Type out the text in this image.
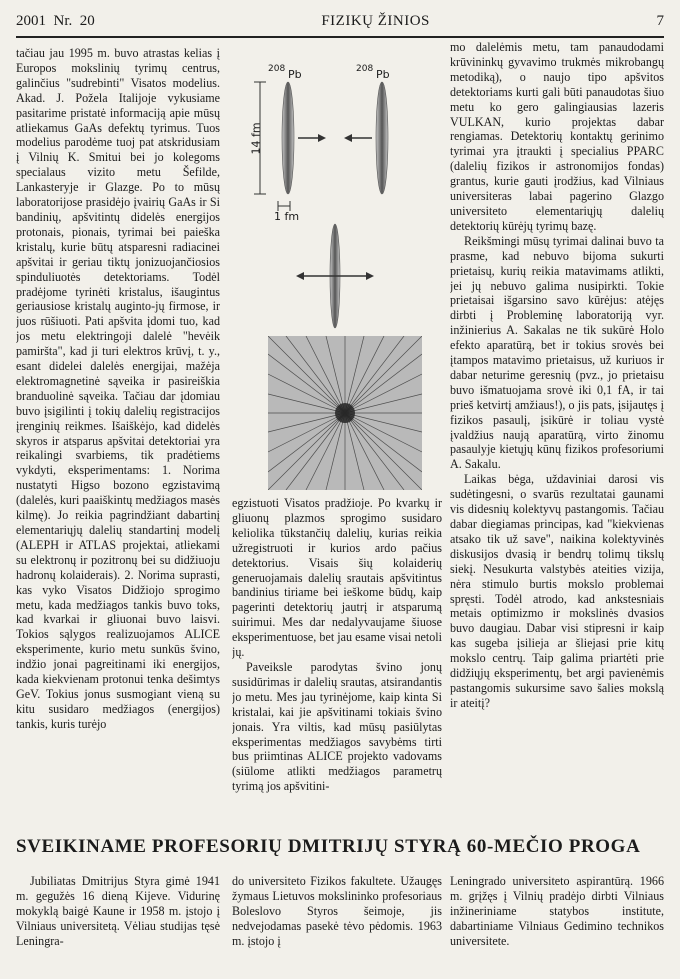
2001  Nr.  20	FIZIKŲ ŽINIOS	7

tačiau jau 1995 m. buvo atrastas kelias į Europos mokslinių tyrimų centrus, galinčius "sudrebinti" Visatos modelius. Akad. J. Požela Italijoje vykusiame pasitarime pristatė informaciją apie mūsų atliekamus GaAs defektų tyrimus. Tuos modelius parodėme tuoj pat atskridusiam į Vilnių K. Smitui bei jo kolegoms specialaus vizito metu Šefilde, Lankasteryje ir Glazge. Po to mūsų laboratorijose prasidėjo įvairių GaAs ir Si bandinių, apšvitintų didelės energijos protonais, pionais, tyrimai bei paieška kristalų, kurie būtų atsparesni radiacinei apšvitai ir geriau tiktų jonizuojančiosios spinduliuotės detektoriams. Todėl pradėjome tyrinėti kristalus, išaugintus geriausiose kristalų auginto-jų firmose, ir juos rūšiuoti. Pati apšvita įdomi tuo, kad jos metu elektringoji dalelė "hevėik pamiršta", kad ji turi elektros krūvį, t. y., esant didelei dalelės energijai, mažėja elektromagnetinė sąveika ir pasireiškia branduolinė sąveika. Tačiau dar įdomiau buvo įsigilinti į tokių dalelių registracijos įrenginių reikmes. Išaiškėjo, kad didelės skyros ir atsparus apšvitai detektoriai yra reikalingi svarbiems, tik pradėtiems vykdyti, eksperimentams: 1. Norima nustatyti Higso bozono egzistavimą (dalelės, kuri paaiškintų medžiagos masės kilmę). Jo reikia pagrindžiant dabartinį elementariųjų dalelių standartinį modelį (ALEPH ir ATLAS projektai, atliekami su elektronų ir pozitronų bei su didžiuoju hadronų kolaiderais). 2. Norima suprasti, kas vyko Visatos Didžiojo sprogimo metu, kada medžiagos tankis buvo toks, kad kvarkai ir gliuonai buvo laisvi. Tokios sąlygos realizuojamos ALICE eksperimente, kurio metu sunkūs švino, indžio jonai pagreitinami iki energijos, kada kiekvienam protonui tenka dešimtys GeV. Tokius jonus susmogiant vieną su kitu susidaro medžiagos (energijos) tankis, kuris turėjo

208 Pb	208 Pb
14 fm
1 fm

egzistuoti Visatos pradžioje. Po kvarkų ir gliuonų plazmos sprogimo susidaro keliolika tūkstančių dalelių, kurias reikia užregistruoti ir kurios ardo pačius detektorius. Visais šių kolaiderių generuojamais dalelių srautais apšvitintus bandinius tiriame bei ieškome būdų, kaip pagerinti detektorių jautrį ir atsparumą suirimui. Mes dar nedalyvaujame šiuose eksperimentuose, bet jau esame visai netoli jų.

Paveiksle parodytas švino jonų susidūrimas ir dalelių srautas, atsirandantis jo metu. Mes jau tyrinėjome, kaip kinta Si kristalai, kai jie apšvitinami tokiais švino jonais. Yra viltis, kad mūsų pasiūlytas eksperimentas medžiagos savybėms tirti bus priimtinas ALICE projekto vadovams (siūlome atlikti medžiagos parametrų tyrimą jos apšvitini-

mo dalelėmis metu, tam panaudodami krūvininkų gyvavimo trukmės mikrobangų metodiką), o naujo tipo apšvitos detektoriams kurti gali būti panaudotas šiuo metu ko gero galingiausias lazeris VULKAN, kurio projektas dabar rengiamas. Detektorių kontaktų gerinimo tyrimai yra įtraukti į specialius PPARC (dalelių fizikos ir astronomijos fondas) grantus, kurie gauti įrodžius, kad Vilniaus universiteras labai pagerino Glazgo universiteto elementariųjų dalelių detektorių kūrėjų tyrimų bazę.

Reikšmingi mūsų tyrimai dalinai buvo ta prasme, kad nebuvo bijoma sukurti prietaisų, kurių reikia matavimams atlikti, jei jų nebuvo galima nusipirkti. Tokie prietaisai išgarsino savo kūrėjus: atėjęs dirbti į Probleminę laboratoriją vyr. inžinierius A. Sakalas ne tik sukūrė Holo efekto aparatūrą, bet ir tokius srovės bei įtampos matavimo prietaisus, už kuriuos ir dabar neturime geresnių (pvz., jo prietaisu buvo išmatuojama srovė iki 0,1 fA, ir tai prieš ketvirtį amžiaus!), o jis pats, įsijautęs į fizikos pasaulį, įsikūrė ir toliau vystė įvaldžius naują aparatūrą, virto žinomu pasaulyje kietųjų kūnų fizikos profesoriumi A. Sakalu.

Laikas bėga, uždaviniai darosi vis sudėtingesni, o svarūs rezultatai gaunami vis didesnių kolektyvų pastangomis. Tačiau dabar diegiamas principas, kad "kiekvienas atsako tik už save", naikina kolektyvinės diskusijos dvasią ir bendrų tolimų tikslų siekį. Nesukurta valstybės ateities vizija, nėra stimulo burtis mokslo problemai spręsti. Todėl atrodo, kad ankstesniais metais optimizmo ir mokslinės dvasios buvo daugiau. Dabar visi stipresni ir kaip kas sugeba įsilieja ar šliejasi prie kitų mokslo centrų. Taip galima priartėti prie didžiųjų eksperimentų, bet argi pavienėmis pastangomis sukursime savo šalies mokslą ir ateitį?

SVEIKINAME PROFESORIŲ DMITRIJŲ STYRĄ 60-MEČIO PROGA

Jubiliatas Dmitrijus Styra gimė 1941 m. gegužės 16 dieną Kijeve. Vidurinę mokyklą baigė Kaune ir 1958 m. įstojo į Vilniaus universitetą. Vėliau studijas tęsė Leningra-

do universiteto Fizikos fakultete. Užaugęs žymaus Lietuvos mokslininko profesoriaus Boleslovo Styros šeimoje, jis nedvejodamas pasekė tėvo pėdomis. 1963 m. įstojo į

Leningrado universiteto aspirantūrą. 1966 m. grįžęs į Vilnių pradėjo dirbti Vilniaus inžineriniame statybos institute, dabartiniame Vilniaus Gedimino technikos universitete.
